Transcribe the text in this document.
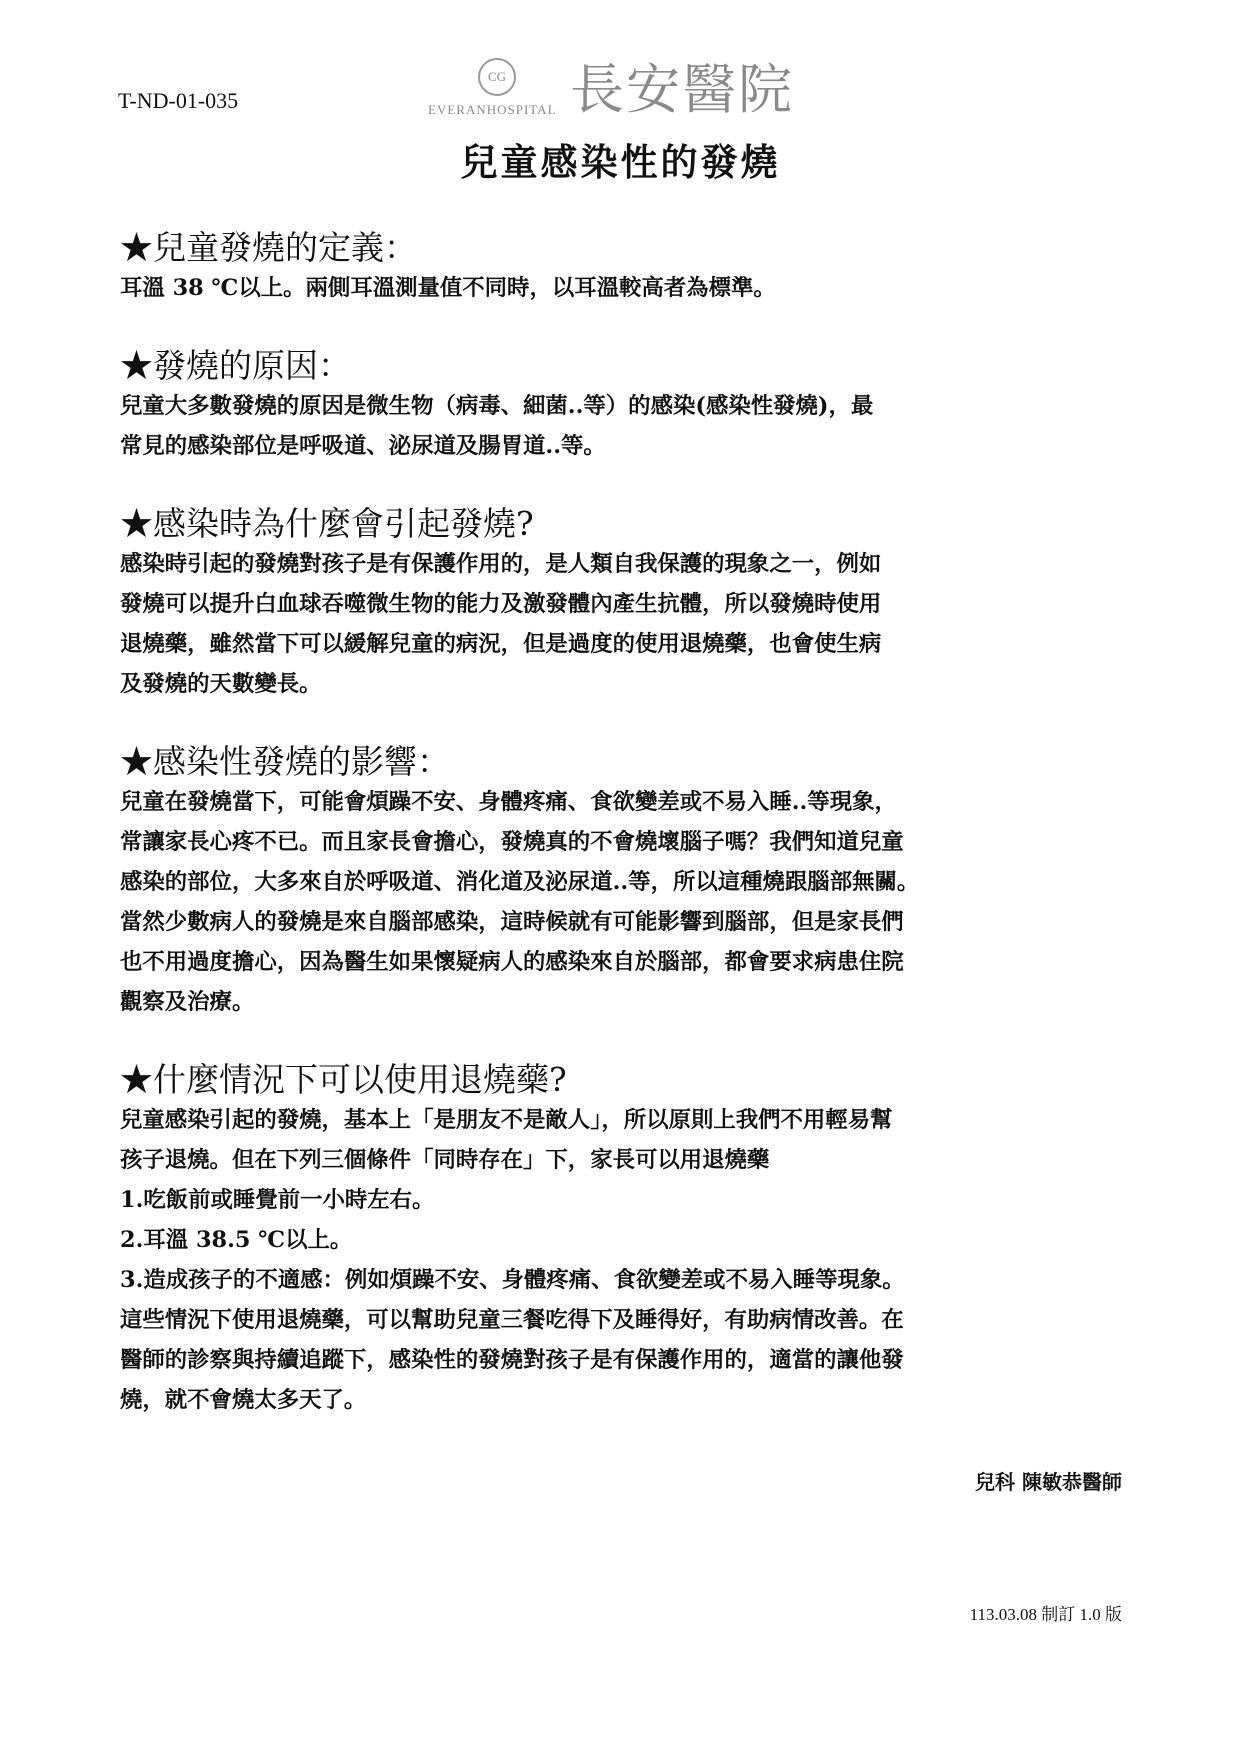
T-ND-01-035
CG
EVERANHOSPITAL 長安醫院
兒童感染性的發燒
★兒童發燒的定義：

耳溫 38 ℃以上。兩側耳溫測量值不同時，以耳溫較高者為標準。

★發燒的原因：

兒童大多數發燒的原因是微生物（病毒、細菌..等）的感染(感染性發燒)，最

常見的感染部位是呼吸道、泌尿道及腸胃道..等。

★感染時為什麼會引起發燒?

感染時引起的發燒對孩子是有保護作用的，是人類自我保護的現象之一，例如

發燒可以提升白血球吞噬微生物的能力及激發體內產生抗體，所以發燒時使用

退燒藥，雖然當下可以緩解兒童的病況，但是過度的使用退燒藥，也會使生病

及發燒的天數變長。

★感染性發燒的影響：

兒童在發燒當下，可能會煩躁不安、身體疼痛、食欲變差或不易入睡..等現象，

常讓家長心疼不已。而且家長會擔心，發燒真的不會燒壞腦子嗎？我們知道兒童

感染的部位，大多來自於呼吸道、消化道及泌尿道..等，所以這種燒跟腦部無關。

當然少數病人的發燒是來自腦部感染，這時候就有可能影響到腦部，但是家長們

也不用過度擔心，因為醫生如果懷疑病人的感染來自於腦部，都會要求病患住院

觀察及治療。

★什麼情況下可以使用退燒藥?

兒童感染引起的發燒，基本上「是朋友不是敵人」，所以原則上我們不用輕易幫

孩子退燒。但在下列三個條件「同時存在」下，家長可以用退燒藥

1.吃飯前或睡覺前一小時左右。

2.耳溫 38.5 ℃以上。

3.造成孩子的不適感：例如煩躁不安、身體疼痛、食欲變差或不易入睡等現象。

這些情況下使用退燒藥，可以幫助兒童三餐吃得下及睡得好，有助病情改善。在

醫師的診察與持續追蹤下，感染性的發燒對孩子是有保護作用的，適當的讓他發

燒，就不會燒太多天了。

兒科 陳敏恭醫師
113.03.08 制訂 1.0 版
